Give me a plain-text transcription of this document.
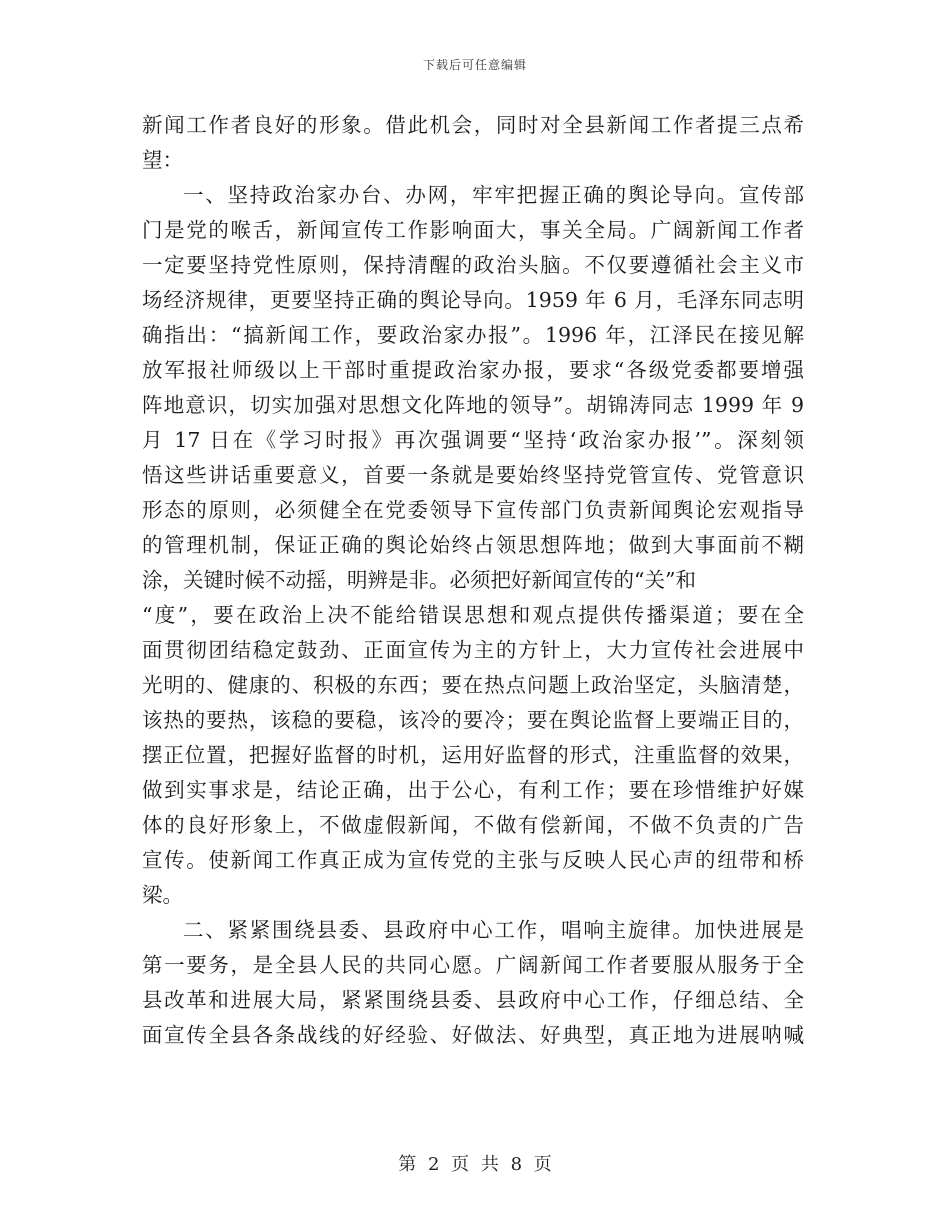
下载后可任意编辑
新闻工作者良好的形象。借此机会，同时对全县新闻工作者提三点希
望：
一、坚持政治家办台、办网，牢牢把握正确的舆论导向。宣传部
门是党的喉舌，新闻宣传工作影响面大，事关全局。广阔新闻工作者
一定要坚持党性原则，保持清醒的政治头脑。不仅要遵循社会主义市
场经济规律，更要坚持正确的舆论导向。1959 年 6 月，毛泽东同志明
确指出：“搞新闻工作，要政治家办报”。1996 年，江泽民在接见解
放军报社师级以上干部时重提政治家办报，要求“各级党委都要增强
阵地意识，切实加强对思想文化阵地的领导”。胡锦涛同志 1999 年 9
月 17 日在《学习时报》再次强调要“坚持‘政治家办报’”。深刻领
悟这些讲话重要意义，首要一条就是要始终坚持党管宣传、党管意识
形态的原则，必须健全在党委领导下宣传部门负责新闻舆论宏观指导
的管理机制，保证正确的舆论始终占领思想阵地；做到大事面前不糊
涂，关键时候不动摇，明辨是非。必须把好新闻宣传的“关”和
“度”，要在政治上决不能给错误思想和观点提供传播渠道；要在全
面贯彻团结稳定鼓劲、正面宣传为主的方针上，大力宣传社会进展中
光明的、健康的、积极的东西；要在热点问题上政治坚定，头脑清楚，
该热的要热，该稳的要稳，该冷的要冷；要在舆论监督上要端正目的，
摆正位置，把握好监督的时机，运用好监督的形式，注重监督的效果，
做到实事求是，结论正确，出于公心，有利工作；要在珍惜维护好媒
体的良好形象上，不做虚假新闻，不做有偿新闻，不做不负责的广告
宣传。使新闻工作真正成为宣传党的主张与反映人民心声的纽带和桥
梁。
二、紧紧围绕县委、县政府中心工作，唱响主旋律。加快进展是
第一要务，是全县人民的共同心愿。广阔新闻工作者要服从服务于全
县改革和进展大局，紧紧围绕县委、县政府中心工作，仔细总结、全
面宣传全县各条战线的好经验、好做法、好典型，真正地为进展呐喊
第 2 页 共 8 页
